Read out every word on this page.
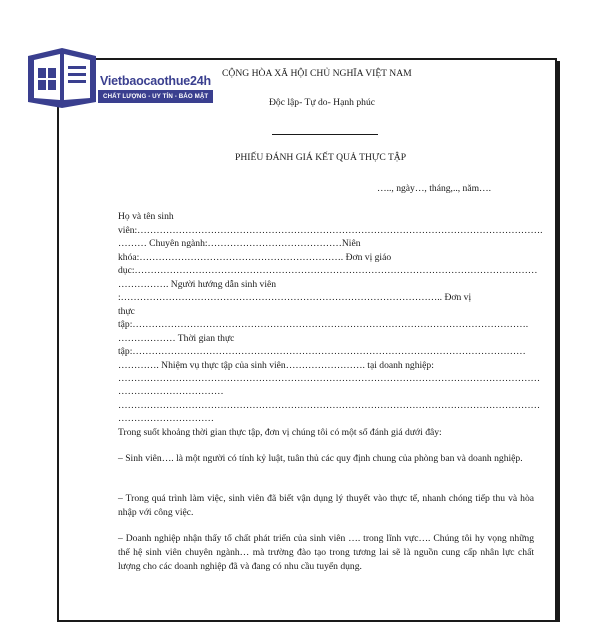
Vietbaocaothue24h
CHẤT LƯỢNG - UY TÍN - BẢO MẬT
CỘNG HÒA XÃ HỘI CHỦ NGHĨA VIỆT NAM
Độc lập- Tự do- Hạnh phúc
PHIẾU ĐÁNH GIÁ KẾT QUẢ THỰC TẬP
….., ngày…, tháng,.., năm….
Họ và tên sinh
viên:……………………………………………………………………………………………………………….
……… Chuyên ngành:……………………………………Niên
khóa:………………………………………………………. Đơn vị giáo
dục:………………………………………………………………………………………………………………
……………. Người hướng dẫn sinh viên
:……………………………………………………………………………………….. Đơn vị
thực
tập:…………………………………………………………………………………………………………….
……………… Thời gian thực
tập:……………………………………………………………………………………………………………
…………. Nhiệm vụ thực tập của sinh viên……………………. tại doanh nghiệp:
……………………………………………………………………………………………………………………
……………………………
……………………………………………………………………………………………………………………
…………………………
Trong suốt khoảng thời gian thực tập, đơn vị chúng tôi có một số đánh giá dưới đây:
– Sinh viên…. là một người có tính kỷ luật, tuân thủ các quy định chung của phòng ban và doanh nghiệp.
– Trong quá trình làm việc, sinh viên đã biết vận dụng lý thuyết vào thực tế, nhanh chóng tiếp thu và hòa nhập với công việc.
– Doanh nghiệp nhận thấy tố chất phát triển của sinh viên …. trong lĩnh vực…. Chúng tôi hy vọng những thế hệ sinh viên chuyên ngành… mà trường đào tạo trong tương lai sẽ là nguồn cung cấp nhân lực chất lượng cho các doanh nghiệp đã và đang có nhu cầu tuyển dụng.
